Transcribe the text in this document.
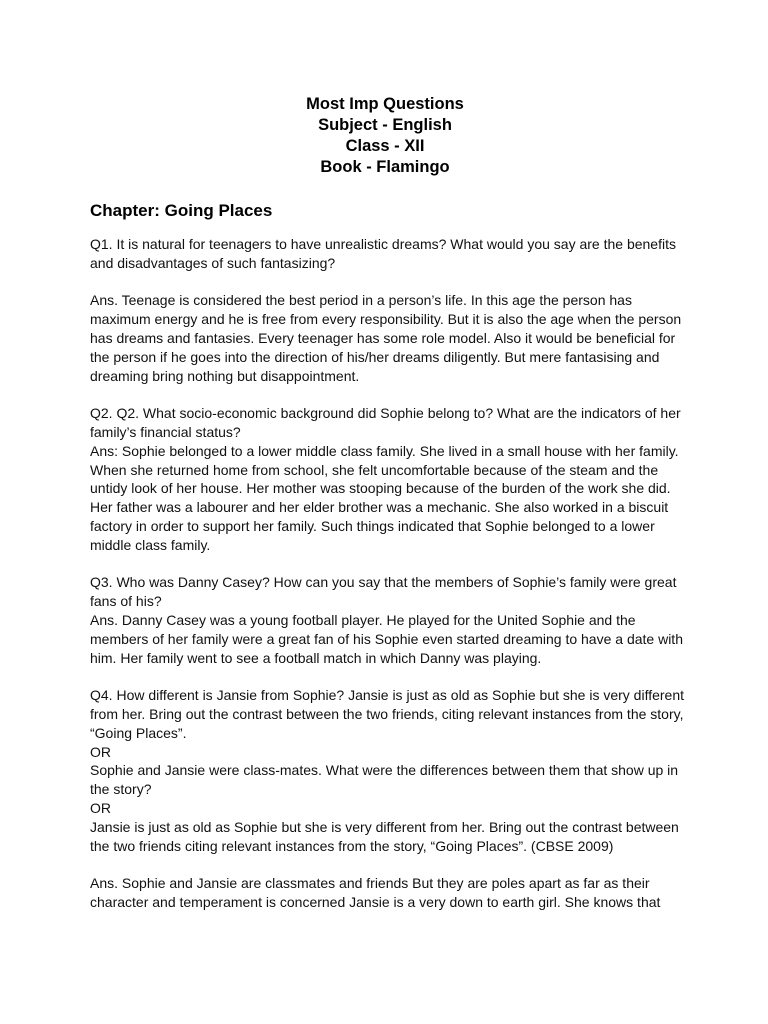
Most Imp Questions
Subject - English
Class - XII
Book - Flamingo
Chapter: Going Places

Q1. It is natural for teenagers to have unrealistic dreams? What would you say are the benefits
and disadvantages of such fantasizing?

Ans. Teenage is considered the best period in a person’s life. In this age the person has
maximum energy and he is free from every responsibility. But it is also the age when the person
has dreams and fantasies. Every teenager has some role model. Also it would be beneficial for
the person if he goes into the direction of his/her dreams diligently. But mere fantasising and
dreaming bring nothing but disappointment.

Q2. Q2. What socio-economic background did Sophie belong to? What are the indicators of her
family’s financial status?
Ans: Sophie belonged to a lower middle class family. She lived in a small house with her family.
When she returned home from school, she felt uncomfortable because of the steam and the
untidy look of her house. Her mother was stooping because of the burden of the work she did.
Her father was a labourer and her elder brother was a mechanic. She also worked in a biscuit
factory in order to support her family. Such things indicated that Sophie belonged to a lower
middle class family.

Q3. Who was Danny Casey? How can you say that the members of Sophie’s family were great
fans of his?
Ans. Danny Casey was a young football player. He played for the United Sophie and the
members of her family were a great fan of his Sophie even started dreaming to have a date with
him. Her family went to see a football match in which Danny was playing.

Q4. How different is Jansie from Sophie? Jansie is just as old as Sophie but she is very different
from her. Bring out the contrast between the two friends, citing relevant instances from the story,
“Going Places”.
OR
Sophie and Jansie were class-mates. What were the differences between them that show up in
the story?
OR
Jansie is just as old as Sophie but she is very different from her. Bring out the contrast between
the two friends citing relevant instances from the story, “Going Places”. (CBSE 2009)

Ans. Sophie and Jansie are classmates and friends But they are poles apart as far as their
character and temperament is concerned Jansie is a very down to earth girl. She knows that
